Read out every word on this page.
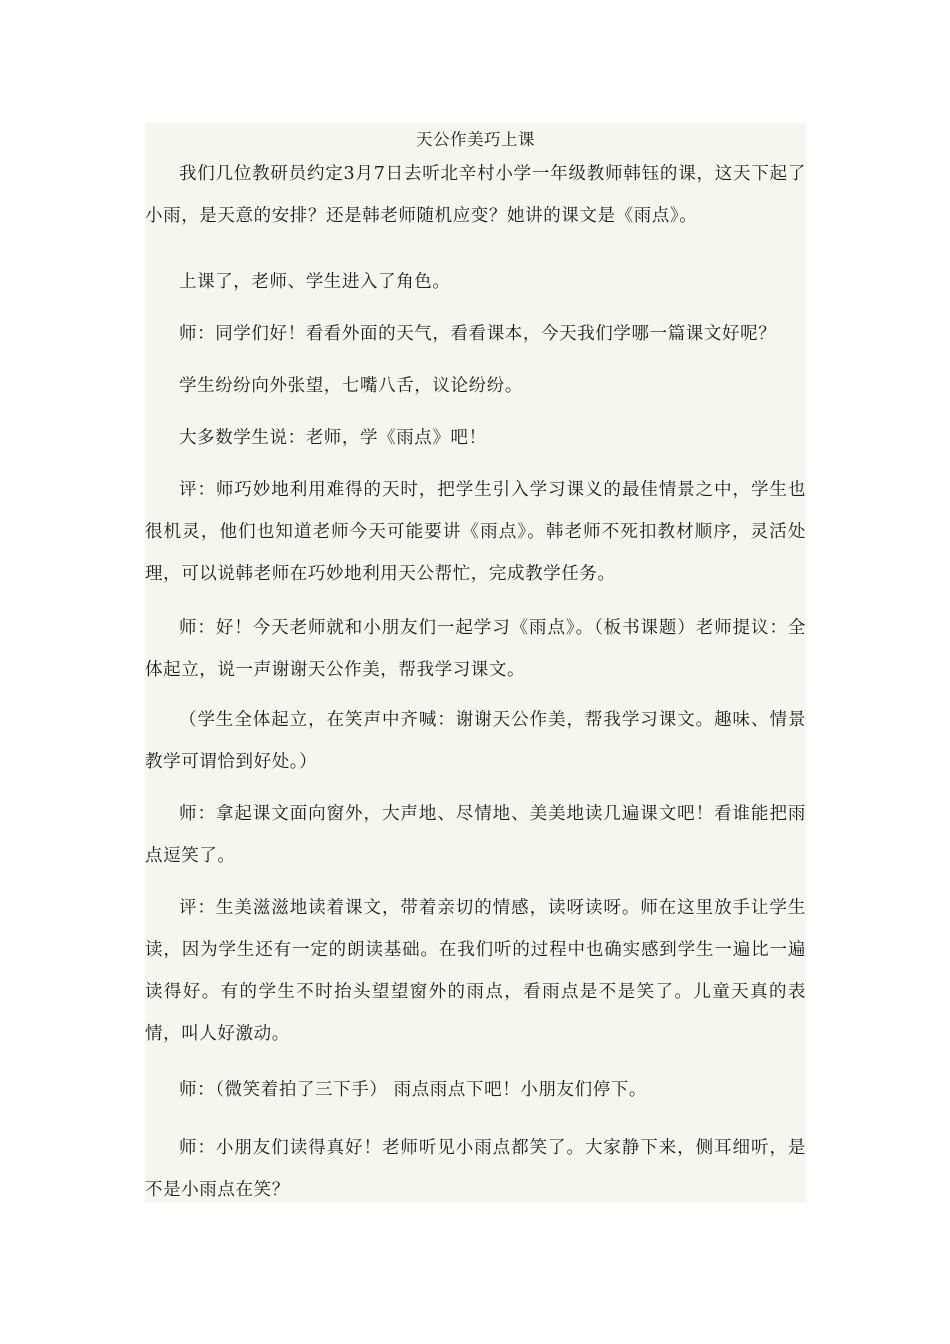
天公作美巧上课

我们几位教研员约定3月7日去听北辛村小学一年级教师韩钰的课，这天下起了小雨，是天意的安排？还是韩老师随机应变？她讲的课文是《雨点》。

上课了，老师、学生进入了角色。

师：同学们好！看看外面的天气，看看课本，今天我们学哪一篇课文好呢？

学生纷纷向外张望，七嘴八舌，议论纷纷。

大多数学生说：老师，学《雨点》吧！

评：师巧妙地利用难得的天时，把学生引入学习课义的最佳情景之中，学生也很机灵，他们也知道老师今天可能要讲《雨点》。韩老师不死扣教材顺序，灵活处理，可以说韩老师在巧妙地利用天公帮忙，完成教学任务。

师：好！今天老师就和小朋友们一起学习《雨点》。（板书课题）老师提议：全体起立，说一声谢谢天公作美，帮我学习课文。

（学生全体起立，在笑声中齐喊：谢谢天公作美，帮我学习课文。趣味、情景教学可谓恰到好处。）

师：拿起课文面向窗外，大声地、尽情地、美美地读几遍课文吧！看谁能把雨点逗笑了。

评：生美滋滋地读着课文，带着亲切的情感，读呀读呀。师在这里放手让学生读，因为学生还有一定的朗读基础。在我们听的过程中也确实感到学生一遍比一遍读得好。有的学生不时抬头望望窗外的雨点，看雨点是不是笑了。儿童天真的表情，叫人好激动。

师：（微笑着拍了三下手） 雨点雨点下吧！小朋友们停下。

师：小朋友们读得真好！老师听见小雨点都笑了。大家静下来，侧耳细听，是不是小雨点在笑？
